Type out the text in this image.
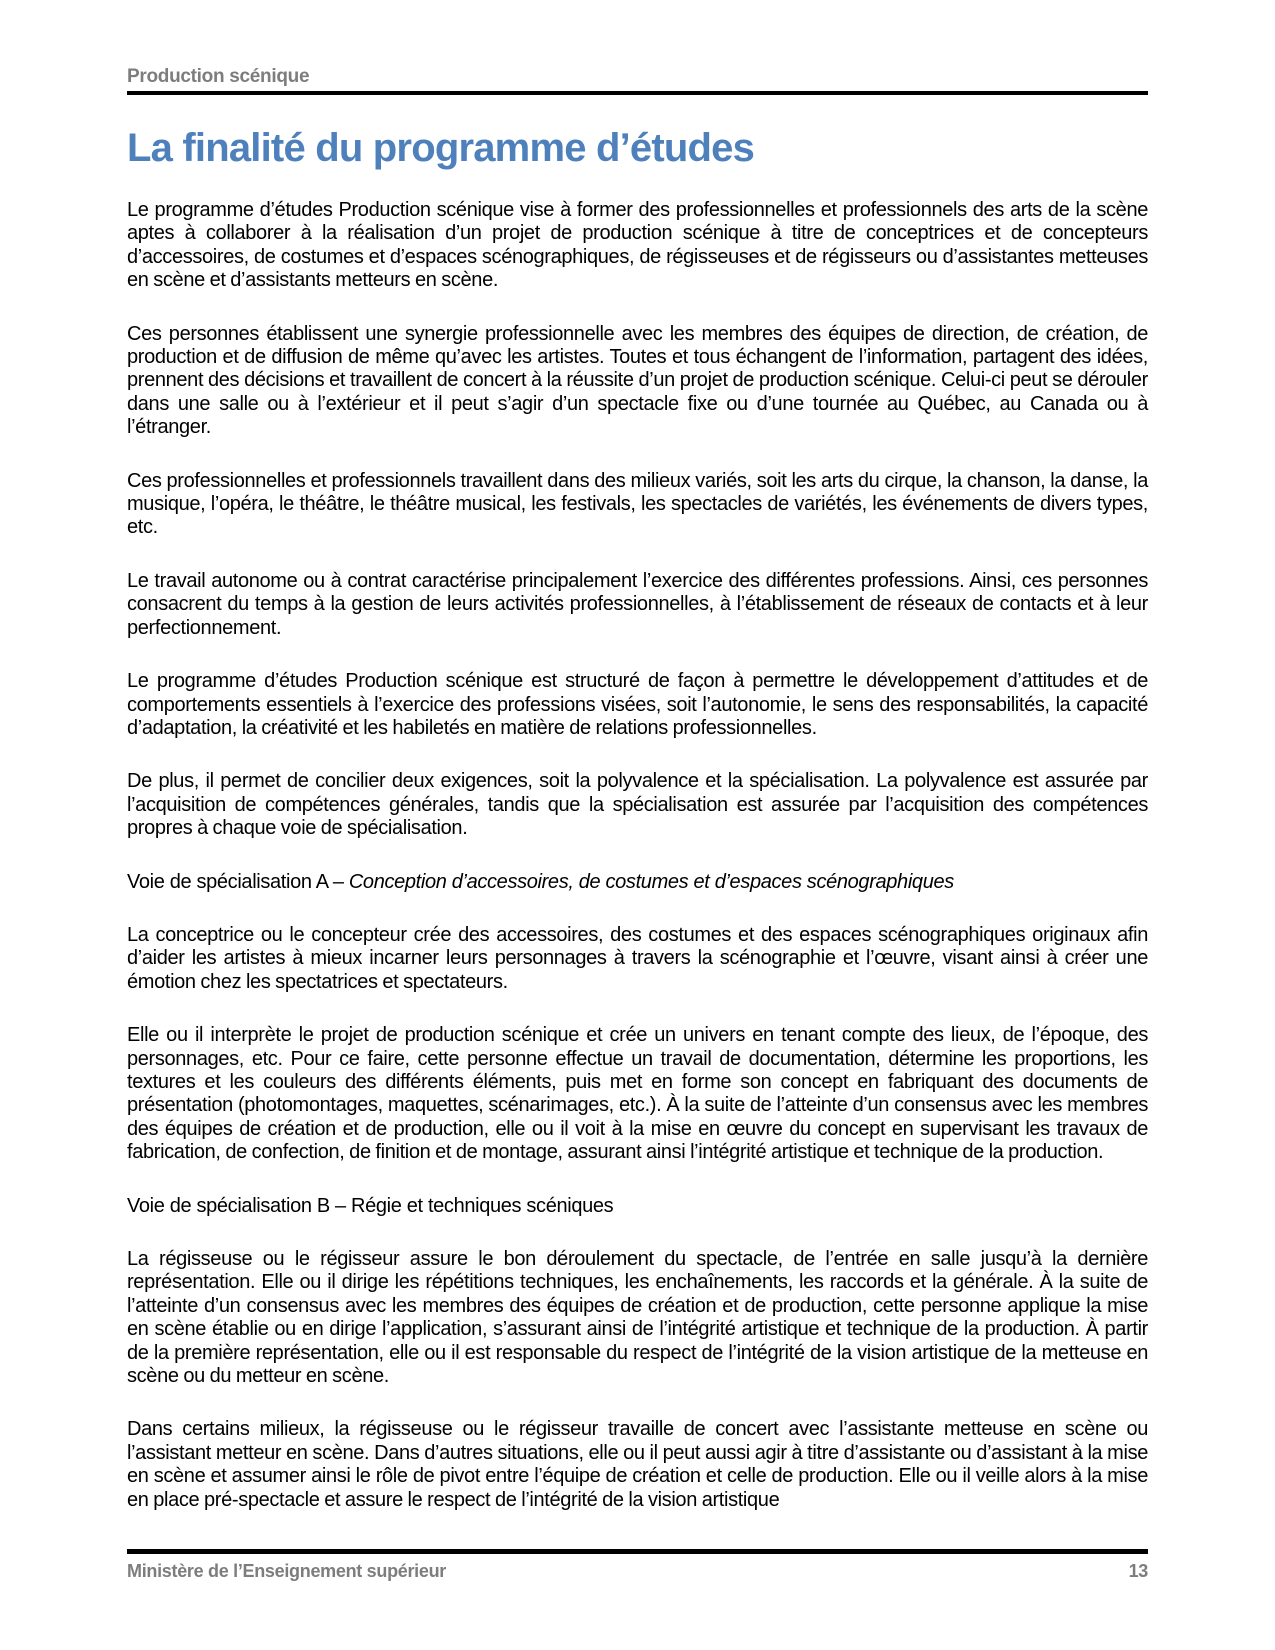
Production scénique
La finalité du programme d’études

Le programme d’études Production scénique vise à former des professionnelles et professionnels des arts de la scène aptes à collaborer à la réalisation d’un projet de production scénique à titre de conceptrices et de concepteurs d’accessoires, de costumes et d’espaces scénographiques, de régisseuses et de régisseurs ou d’assistantes metteuses en scène et d’assistants metteurs en scène.

Ces personnes établissent une synergie professionnelle avec les membres des équipes de direction, de création, de production et de diffusion de même qu’avec les artistes. Toutes et tous échangent de l’information, partagent des idées, prennent des décisions et travaillent de concert à la réussite d’un projet de production scénique. Celui-ci peut se dérouler dans une salle ou à l’extérieur et il peut s’agir d’un spectacle fixe ou d’une tournée au Québec, au Canada ou à l’étranger.

Ces professionnelles et professionnels travaillent dans des milieux variés, soit les arts du cirque, la chanson, la danse, la musique, l’opéra, le théâtre, le théâtre musical, les festivals, les spectacles de variétés, les événements de divers types, etc.

Le travail autonome ou à contrat caractérise principalement l’exercice des différentes professions. Ainsi, ces personnes consacrent du temps à la gestion de leurs activités professionnelles, à l’établissement de réseaux de contacts et à leur perfectionnement.

Le programme d’études Production scénique est structuré de façon à permettre le développement d’attitudes et de comportements essentiels à l’exercice des professions visées, soit l’autonomie, le sens des responsabilités, la capacité d’adaptation, la créativité et les habiletés en matière de relations professionnelles.

De plus, il permet de concilier deux exigences, soit la polyvalence et la spécialisation. La polyvalence est assurée par l’acquisition de compétences générales, tandis que la spécialisation est assurée par l’acquisition des compétences propres à chaque voie de spécialisation.

Voie de spécialisation A – Conception d’accessoires, de costumes et d’espaces scénographiques

La conceptrice ou le concepteur crée des accessoires, des costumes et des espaces scénographiques originaux afin d’aider les artistes à mieux incarner leurs personnages à travers la scénographie et l’œuvre, visant ainsi à créer une émotion chez les spectatrices et spectateurs.

Elle ou il interprète le projet de production scénique et crée un univers en tenant compte des lieux, de l’époque, des personnages, etc. Pour ce faire, cette personne effectue un travail de documentation, détermine les proportions, les textures et les couleurs des différents éléments, puis met en forme son concept en fabriquant des documents de présentation (photomontages, maquettes, scénarimages, etc.). À la suite de l’atteinte d’un consensus avec les membres des équipes de création et de production, elle ou il voit à la mise en œuvre du concept en supervisant les travaux de fabrication, de confection, de finition et de montage, assurant ainsi l’intégrité artistique et technique de la production.

Voie de spécialisation B – Régie et techniques scéniques

La régisseuse ou le régisseur assure le bon déroulement du spectacle, de l’entrée en salle jusqu’à la dernière représentation. Elle ou il dirige les répétitions techniques, les enchaînements, les raccords et la générale. À la suite de l’atteinte d’un consensus avec les membres des équipes de création et de production, cette personne applique la mise en scène établie ou en dirige l’application, s’assurant ainsi de l’intégrité artistique et technique de la production. À partir de la première représentation, elle ou il est responsable du respect de l’intégrité de la vision artistique de la metteuse en scène ou du metteur en scène.

Dans certains milieux, la régisseuse ou le régisseur travaille de concert avec l’assistante metteuse en scène ou l’assistant metteur en scène. Dans d’autres situations, elle ou il peut aussi agir à titre d’assistante ou d’assistant à la mise en scène et assumer ainsi le rôle de pivot entre l’équipe de création et celle de production. Elle ou il veille alors à la mise en place pré-spectacle et assure le respect de l’intégrité de la vision artistique

Ministère de l’Enseignement supérieur	13
